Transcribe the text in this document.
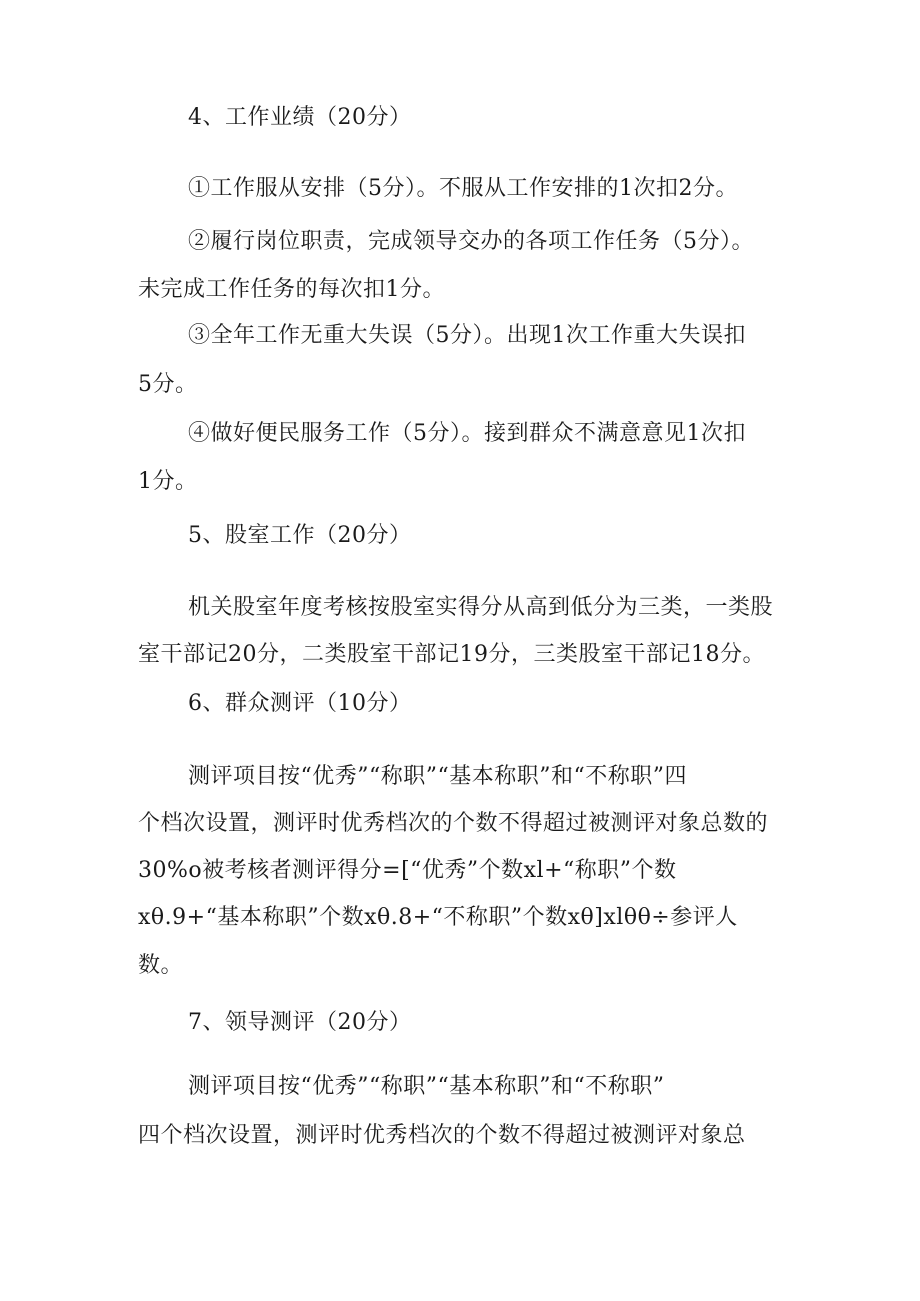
4、工作业绩（20分）
①工作服从安排（5分）。不服从工作安排的1次扣2分。
②履行岗位职责，完成领导交办的各项工作任务（5分）。
未完成工作任务的每次扣1分。
③全年工作无重大失误（5分）。出现1次工作重大失误扣
5分。
④做好便民服务工作（5分）。接到群众不满意意见1次扣
1分。
5、股室工作（20分）
机关股室年度考核按股室实得分从高到低分为三类，一类股
室干部记20分，二类股室干部记19分，三类股室干部记18分。
6、群众测评（10分）
测评项目按“优秀”“称职”“基本称职”和“不称职”四
个档次设置，测评时优秀档次的个数不得超过被测评对象总数的
30%o被考核者测评得分=[“优秀”个数xl+“称职”个数
xθ.9+“基本称职”个数xθ.8+“不称职”个数xθ]xlθθ÷参评人
数。
7、领导测评（20分）
测评项目按“优秀”“称职”“基本称职”和“不称职”
四个档次设置，测评时优秀档次的个数不得超过被测评对象总
